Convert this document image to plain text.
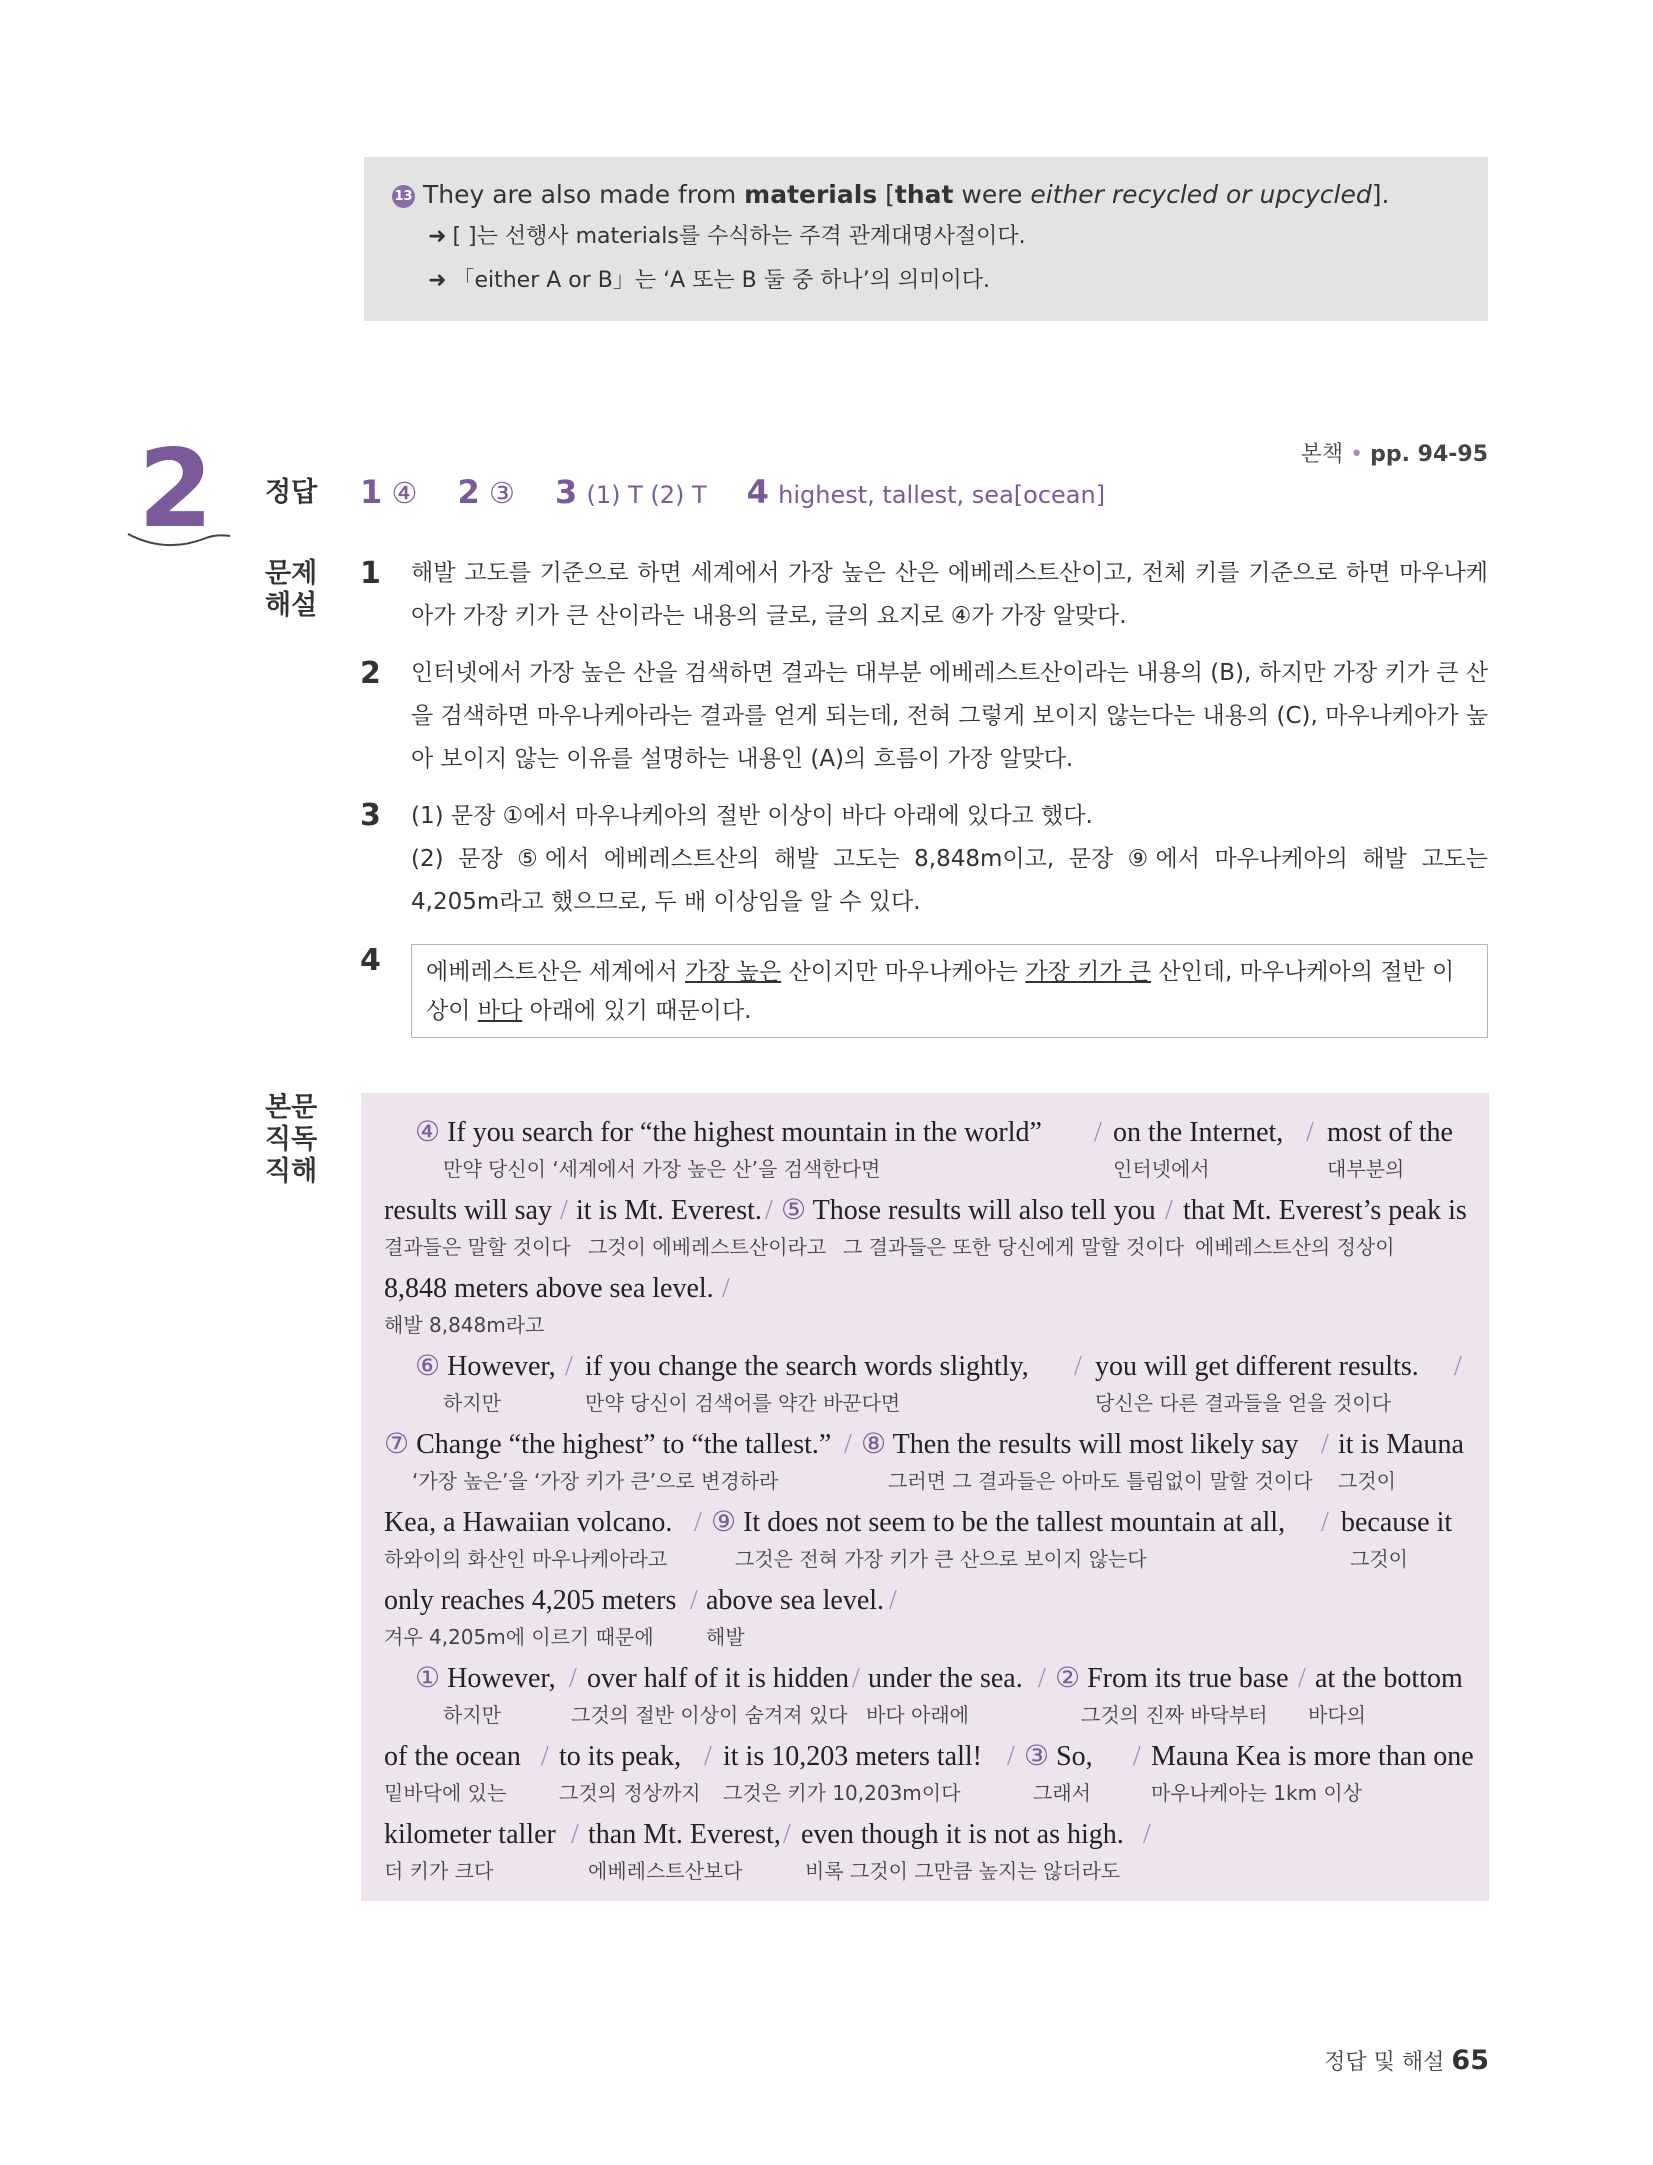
13 They are also made from materials [that were either recycled or upcycled].
➜ [ ]는 선행사 materials를 수식하는 주격 관계대명사절이다.
➜ 「either A or B」는 ‘A 또는 B 둘 중 하나’의 의미이다.
2	본책 • pp. 94-95
정답 1 ④ 2 ③ 3 (1) T (2) T 4 highest, tallest, sea[ocean]
문제
해설
1 해발 고도를 기준으로 하면 세계에서 가장 높은 산은 에베레스트산이고, 전체 키를 기준으로 하면 마우나케아가 가장 키가 큰 산이라는 내용의 글로, 글의 요지로 ④가 가장 알맞다.
2 인터넷에서 가장 높은 산을 검색하면 결과는 대부분 에베레스트산이라는 내용의 (B), 하지만 가장 키가 큰 산을 검색하면 마우나케아라는 결과를 얻게 되는데, 전혀 그렇게 보이지 않는다는 내용의 (C), 마우나케아가 높아 보이지 않는 이유를 설명하는 내용인 (A)의 흐름이 가장 알맞다.
3 (1) 문장 ①에서 마우나케아의 절반 이상이 바다 아래에 있다고 했다.
(2) 문장 ⑤에서 에베레스트산의 해발 고도는 8,848m이고, 문장 ⑨에서 마우나케아의 해발 고도는 4,205m라고 했으므로, 두 배 이상임을 알 수 있다.
4	에베레스트산은 세계에서 가장 높은 산이지만 마우나케아는 가장 키가 큰 산인데, 마우나케아의 절반 이상이 바다 아래에 있기 때문이다.
본문
직독
직해
④ If you search for “the highest mountain in the world” / on the Internet, / most of the
만약 당신이 ‘세계에서 가장 높은 산’을 검색한다면	인터넷에서	대부분의
results will say / it is Mt. Everest. / ⑤ Those results will also tell you / that Mt. Everest’s peak is
결과들은 말할 것이다 그것이 에베레스트산이라고 그 결과들은 또한 당신에게 말할 것이다 에베레스트산의 정상이
8,848 meters above sea level. /
해발 8,848m라고
⑥ However, / if you change the search words slightly, / you will get different results. /
하지만	만약 당신이 검색어를 약간 바꾼다면	당신은 다른 결과들을 얻을 것이다
⑦ Change “the highest” to “the tallest.” / ⑧ Then the results will most likely say / it is Mauna
‘가장 높은’을 ‘가장 키가 큰’으로 변경하라	그러면 그 결과들은 아마도 틀림없이 말할 것이다 그것이
Kea, a Hawaiian volcano. / ⑨ It does not seem to be the tallest mountain at all, / because it
하와이의 화산인 마우나케아라고	그것은 전혀 가장 키가 큰 산으로 보이지 않는다	그것이
only reaches 4,205 meters / above sea level. /
겨우 4,205m에 이르기 때문에	해발
① However, / over half of it is hidden / under the sea. / ② From its true base / at the bottom
하지만	그것의 절반 이상이 숨겨져 있다 바다 아래에	그것의 진짜 바닥부터 바다의
of the ocean / to its peak, / it is 10,203 meters tall! / ③ So, / Mauna Kea is more than one
밑바닥에 있는	그것의 정상까지 그것은 키가 10,203m이다	그래서	마우나케아는 1km 이상
kilometer taller / than Mt. Everest, / even though it is not as high. /
더 키가 크다	에베레스트산보다	비록 그것이 그만큼 높지는 않더라도
정답 및 해설 65
